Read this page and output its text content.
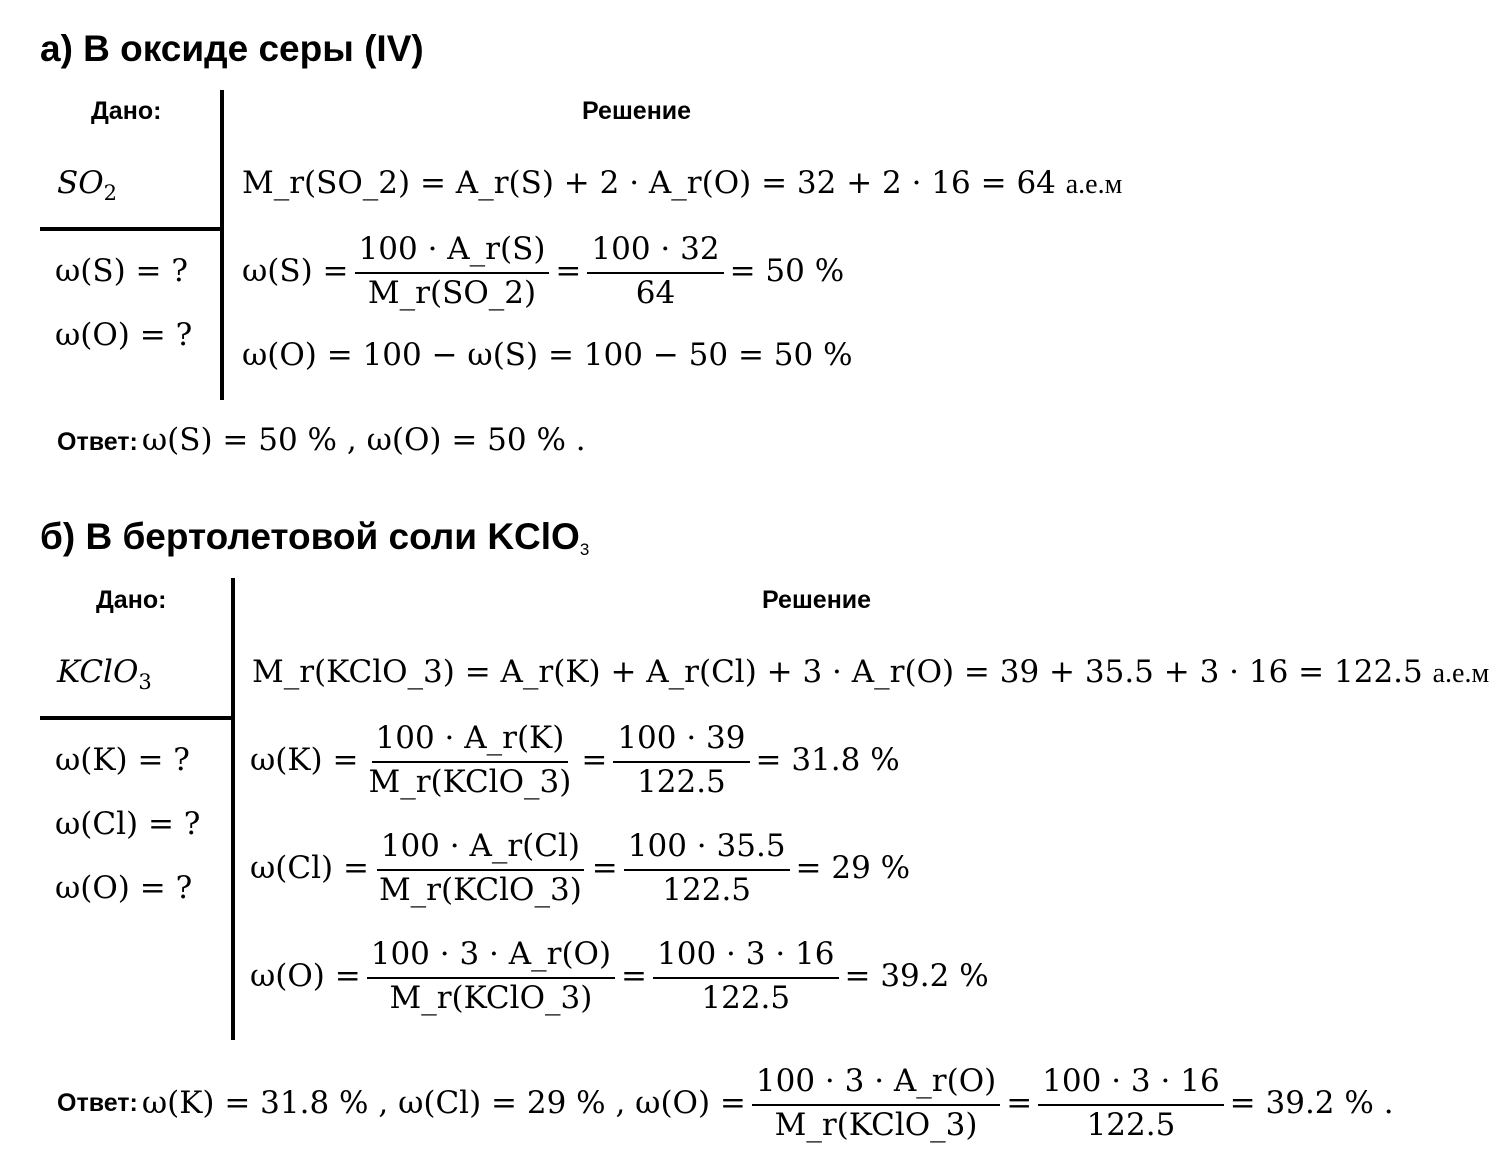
а) В оксиде серы (IV)
Дано:	Решение
$SO_2$
ω(S) = ?
ω(O) = ?
M_r(SO_2) = A_r(S) + 2 · A_r(O) = 32 + 2 · 16 = 64 а.е.м
$\omega(S) = \frac{100 \cdot A\_r(S)}{M\_r(SO\_2)} = \frac{100 \cdot 32}{64} = 50$ %
ω(O) = 100 − ω(S) = 100 − 50 = 50 %
Ответ: ω(S) = 50 % , ω(O) = 50 % .
б) В бертолетовой соли KClO$_3$
Дано:	Решение
KClO$_3$
ω(K) = ?
ω(Cl) = ?
ω(O) = ?
M_r(KClO_3) = A_r(K) + A_r(Cl) + 3 · A_r(O) = 39 + 35.5 + 3 · 16 = 122.5 а.е.м
$\omega(K) = \frac{100 \cdot A\_r(K)}{\text{M\_r(KClO\_3)}} = \frac{100 \cdot 39}{122.5} = 31.8$ %
$\omega(Cl) = \frac{100 \cdot A\_r(Cl)}{\text{M\_r(KClO\_3)}} = \frac{100 \cdot 35.5}{122.5} = 29$ %
$\omega(O) = \frac{100 \cdot 3 \cdot A\_r(O)}{\text{M\_r(KClO\_3)}} = \frac{100 \cdot 3 \cdot 16}{122.5} = 39.2$ %
Ответ:
ω(K) = 31.8 % , ω(Cl) = 29 % , $\omega(O) = \frac{100 \cdot 3 \cdot A\_r(O)}{\text{M\_r(KClO\_3)}} = \frac{100 \cdot 3 \cdot 16}{122.5} = 39.2$ % .
